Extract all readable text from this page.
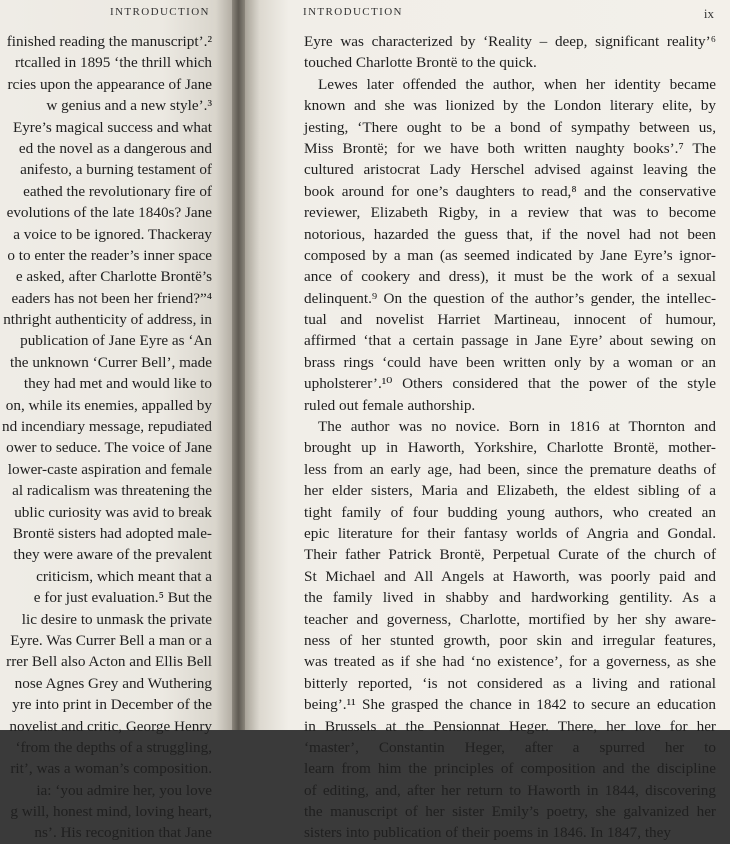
INTRODUCTION
finished reading the manuscript’.²
rtcalled in 1895 ‘the thrill which
rcies upon the appearance of Jane
w genius and a new style’.³
Eyre’s magical success and what
ed the novel as a dangerous and
anifesto, a burning testament of
eathed the revolutionary fire of
evolutions of the late 1840s? Jane
a voice to be ignored. Thackeray
o to enter the reader’s inner space
e asked, after Charlotte Brontë’s
eaders has not been her friend?”⁴
nthright authenticity of address, in
publication of Jane Eyre as ‘An
the unknown ‘Currer Bell’, made
they had met and would like to
on, while its enemies, appalled by
nd incendiary message, repudiated
ower to seduce. The voice of Jane
lower-caste aspiration and female
al radicalism was threatening the
ublic curiosity was avid to break
Brontë sisters had adopted male-
they were aware of the prevalent
criticism, which meant that a
e for just evaluation.⁵ But the
lic desire to unmask the private
Eyre. Was Currer Bell a man or a
rrer Bell also Acton and Ellis Bell
nose Agnes Grey and Wuthering
yre into print in December of the
novelist and critic, George Henry
‘from the depths of a struggling,
rit’, was a woman’s composition.
ia: ‘you admire her, you love
g will, honest mind, loving heart,
ns’. His recognition that Jane
INTRODUCTION	ix
Eyre was characterized by ‘Reality – deep, significant reality’⁶
touched Charlotte Brontë to the quick.
Lewes later offended the author, when her identity became
known and she was lionized by the London literary elite, by
jesting, ‘There ought to be a bond of sympathy between us,
Miss Brontë; for we have both written naughty books’.⁷ The
cultured aristocrat Lady Herschel advised against leaving the
book around for one’s daughters to read,⁸ and the conservative
reviewer, Elizabeth Rigby, in a review that was to become
notorious, hazarded the guess that, if the novel had not been
composed by a man (as seemed indicated by Jane Eyre’s ignor-
ance of cookery and dress), it must be the work of a sexual
delinquent.⁹ On the question of the author’s gender, the intellec-
tual and novelist Harriet Martineau, innocent of humour,
affirmed ‘that a certain passage in Jane Eyre’ about sewing on
brass rings ‘could have been written only by a woman or an
upholsterer’.¹⁰ Others considered that the power of the style
ruled out female authorship.
The author was no novice. Born in 1816 at Thornton and
brought up in Haworth, Yorkshire, Charlotte Brontë, mother-
less from an early age, had been, since the premature deaths of
her elder sisters, Maria and Elizabeth, the eldest sibling of a
tight family of four budding young authors, who created an
epic literature for their fantasy worlds of Angria and Gondal.
Their father Patrick Brontë, Perpetual Curate of the church of
St Michael and All Angels at Haworth, was poorly paid and
the family lived in shabby and hardworking gentility. As a
teacher and governess, Charlotte, mortified by her shy aware-
ness of her stunted growth, poor skin and irregular features,
was treated as if she had ‘no existence’, for a governess, as she
bitterly reported, ‘is not considered as a living and rational
being’.¹¹ She grasped the chance in 1842 to secure an education
in Brussels at the Pensionnat Heger. There, her love for her
‘master’, Constantin Heger, after a spurred her to
learn from him the principles of composition and the discipline
of editing, and, after her return to Haworth in 1844, discovering
the manuscript of her sister Emily’s poetry, she galvanized her
sisters into publication of their poems in 1846. In 1847, they
